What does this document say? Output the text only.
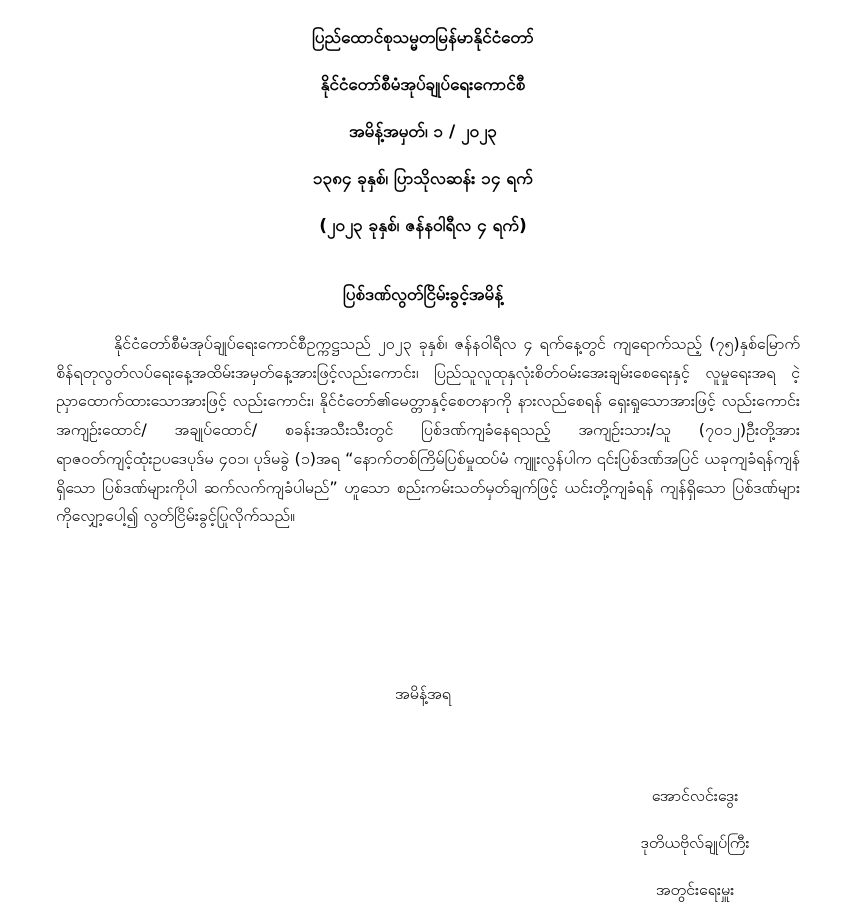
ပြည်ထောင်စုသမ္မတမြန်မာနိုင်ငံတော်
နိုင်ငံတော်စီမံအုပ်ချုပ်ရေးကောင်စီ
အမိန့်အမှတ်၊ ၁ / ၂၀၂၃
၁၃၈၄ ခုနှစ်၊ ပြာသိုလဆန်း ၁၄ ရက်
(၂၀၂၃ ခုနှစ်၊ ဇန်နဝါရီလ ၄ ရက်)
ပြစ်ဒဏ်လွတ်ငြိမ်းခွင့်အမိန့်
နိုင်ငံတော်စီမံအုပ်ချုပ်ရေးကောင်စီဥက္ကဋ္ဌသည် ၂၀၂၃ ခုနှစ်၊ ဇန်နဝါရီလ ၄ ရက်နေ့တွင် ကျရောက်သည့် (၇၅)နှစ်မြောက် စိန်ရတုလွတ်လပ်ရေးနေ့အထိမ်းအမှတ်နေ့အားဖြင့်လည်းကောင်း၊ ပြည်သူလူထုနှလုံးစိတ်ဝမ်းအေးချမ်းစေရေးနှင့် လူမှုရေးအရ ငဲ့ညှာထောက်ထားသောအားဖြင့် လည်းကောင်း၊ နိုင်ငံတော်၏မေတ္တာနှင့်စေတနာကို နားလည်စေရန် ရှေးရှုသောအားဖြင့် လည်းကောင်း အကျဉ်းထောင်/ အချုပ်ထောင်/ စခန်းအသီးသီးတွင် ပြစ်ဒဏ်ကျခံနေရသည့် အကျဉ်းသား/သူ (၇၀၁၂)ဦးတို့အား ရာဇဝတ်ကျင့်ထုံးဥပဒေပုဒ်မ ၄၀၁၊ ပုဒ်မခွဲ (၁)အရ “နောက်တစ်ကြိမ်ပြစ်မှုထပ်မံ ကျူးလွန်ပါက ၎င်းပြစ်ဒဏ်အပြင် ယခုကျခံရန်ကျန်ရှိသော ပြစ်ဒဏ်များကိုပါ ဆက်လက်ကျခံပါမည်” ဟူသော စည်းကမ်းသတ်မှတ်ချက်ဖြင့် ယင်းတို့ကျခံရန် ကျန်ရှိသော ပြစ်ဒဏ်များကိုလျှော့ပေါ့၍ လွတ်ငြိမ်းခွင့်ပြုလိုက်သည်။
အမိန့်အရ
အောင်လင်းဒွေး
ဒုတိယဗိုလ်ချုပ်ကြီး
အတွင်းရေးမှူး
